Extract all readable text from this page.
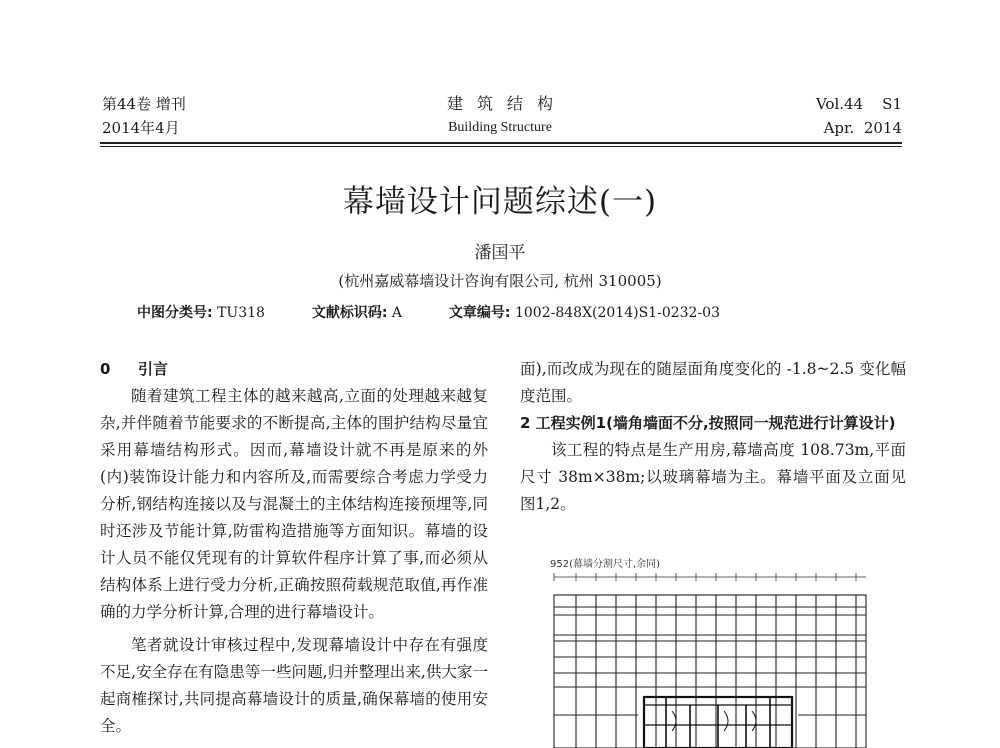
第44卷 增刊
2014年4月
建筑结构
Building Structure
Vol.44    S1
Apr.  2014
幕墙设计问题综述(一)
潘国平
(杭州嘉威幕墙设计咨询有限公司, 杭州 310005)
中图分类号: TU318	文献标识码: A	文章编号: 1002-848X(2014)S1-0232-03
0 引言

随着建筑工程主体的越来越高,立面的处理越来越复杂,并伴随着节能要求的不断提高,主体的围护结构尽量宜采用幕墙结构形式。因而,幕墙设计就不再是原来的外(内)装饰设计能力和内容所及,而需要综合考虑力学受力分析,钢结构连接以及与混凝土的主体结构连接预埋等,同时还涉及节能计算,防雷构造措施等方面知识。幕墙的设计人员不能仅凭现有的计算软件程序计算了事,而必须从结构体系上进行受力分析,正确按照荷载规范取值,再作准确的力学分析计算,合理的进行幕墙设计。

笔者就设计审核过程中,发现幕墙设计中存在有强度不足,安全存在有隐患等一些问题,归并整理出来,供大家一起商榷探讨,共同提高幕墙设计的质量,确保幕墙的使用安全。

面),而改成为现在的随屋面角度变化的 -1.8~2.5 变化幅度范围。

2 工程实例1(墙角墙面不分,按照同一规范进行计算设计)

该工程的特点是生产用房,幕墙高度 108.73m,平面尺寸 38m×38m;以玻璃幕墙为主。幕墙平面及立面见图1,2。

952(幕墙分割尺寸,余同)
